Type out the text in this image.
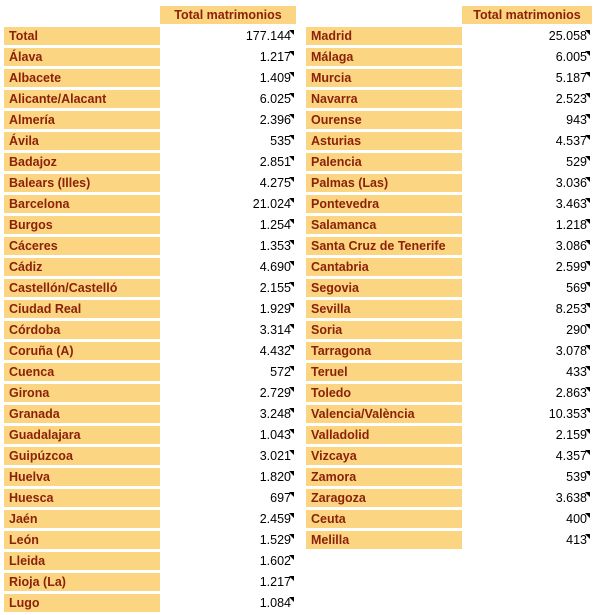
	Total matrimonios
Total	177.144

Álava	1.217

Albacete	1.409

Alicante/Alacant	6.025

Almería	2.396

Ávila	535

Badajoz	2.851

Balears (Illes)	4.275

Barcelona	21.024

Burgos	1.254

Cáceres	1.353

Cádiz	4.690

Castellón/Castelló	2.155

Ciudad Real	1.929

Córdoba	3.314

Coruña (A)	4.432

Cuenca	572

Girona	2.729

Granada	3.248

Guadalajara	1.043

Guipúzcoa	3.021

Huelva	1.820

Huesca	697

Jaén	2.459

León	1.529

Lleida	1.602

Rioja (La)	1.217

Lugo	1.084
	Total matrimonios
Madrid	25.058

Málaga	6.005

Murcia	5.187

Navarra	2.523

Ourense	943

Asturias	4.537

Palencia	529

Palmas (Las)	3.036

Pontevedra	3.463

Salamanca	1.218

Santa Cruz de Tenerife	3.086

Cantabria	2.599

Segovia	569

Sevilla	8.253

Soria	290

Tarragona	3.078

Teruel	433

Toledo	2.863

Valencia/València	10.353

Valladolid	2.159

Vizcaya	4.357

Zamora	539

Zaragoza	3.638

Ceuta	400

Melilla	413
